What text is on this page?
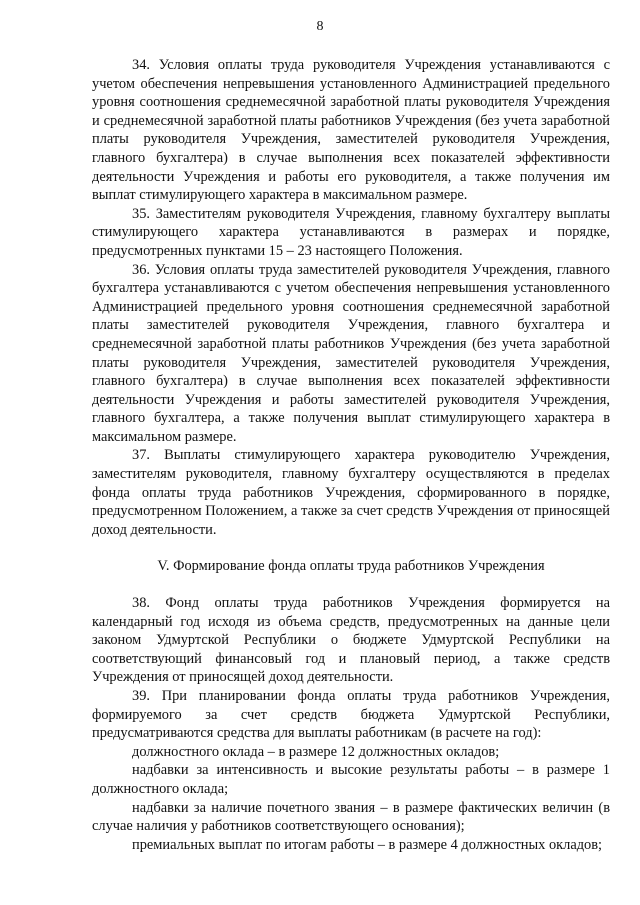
8

34. Условия оплаты труда руководителя Учреждения устанавливаются с учетом обеспечения непревышения установленного Администрацией предельного уровня соотношения среднемесячной заработной платы руководителя Учреждения и среднемесячной заработной платы работников Учреждения (без учета заработной платы руководителя Учреждения, заместителей руководителя Учреждения, главного бухгалтера) в случае выполнения всех показателей эффективности деятельности Учреждения и работы его руководителя, а также получения им выплат стимулирующего характера в максимальном размере.

35. Заместителям руководителя Учреждения, главному бухгалтеру выплаты стимулирующего характера устанавливаются в размерах и порядке, предусмотренных пунктами 15 – 23 настоящего Положения.

36. Условия оплаты труда заместителей руководителя Учреждения, главного бухгалтера устанавливаются с учетом обеспечения непревышения установленного Администрацией предельного уровня соотношения среднемесячной заработной платы заместителей руководителя Учреждения, главного бухгалтера и среднемесячной заработной платы работников Учреждения (без учета заработной платы руководителя Учреждения, заместителей руководителя Учреждения, главного бухгалтера) в случае выполнения всех показателей эффективности деятельности Учреждения и работы заместителей руководителя Учреждения, главного бухгалтера, а также получения выплат стимулирующего характера в максимальном размере.

37. Выплаты стимулирующего характера руководителю Учреждения, заместителям руководителя, главному бухгалтеру осуществляются в пределах фонда оплаты труда работников Учреждения, сформированного в порядке, предусмотренном Положением, а также за счет средств Учреждения от приносящей доход деятельности.

V. Формирование фонда оплаты труда работников Учреждения

38. Фонд оплаты труда работников Учреждения формируется на календарный год исходя из объема средств, предусмотренных на данные цели законом Удмуртской Республики о бюджете Удмуртской Республики на соответствующий финансовый год и плановый период, а также средств Учреждения от приносящей доход деятельности.

39. При планировании фонда оплаты труда работников Учреждения, формируемого за счет средств бюджета Удмуртской Республики, предусматриваются средства для выплаты работникам (в расчете на год):

должностного оклада – в размере 12 должностных окладов;

надбавки за интенсивность и высокие результаты работы – в размере 1 должностного оклада;

надбавки за наличие почетного звания – в размере фактических величин (в случае наличия у работников соответствующего основания);

премиальных выплат по итогам работы – в размере 4 должностных окладов;
